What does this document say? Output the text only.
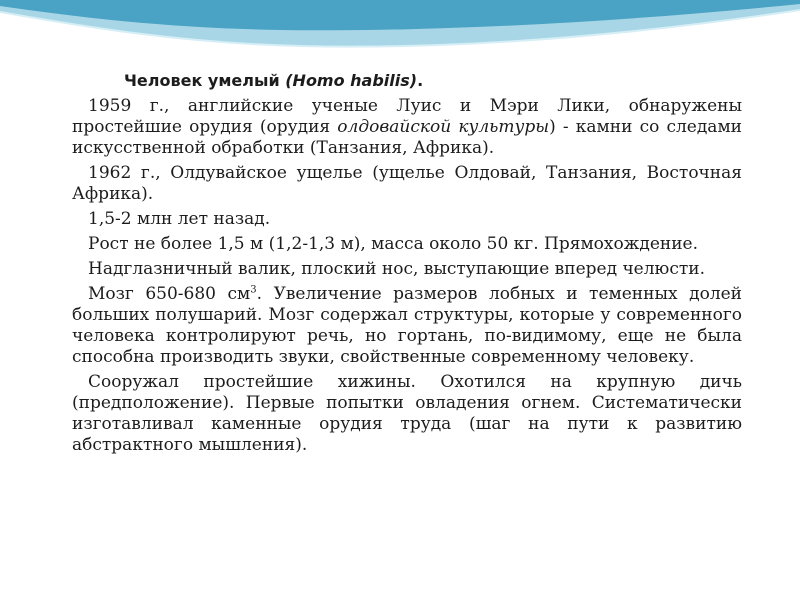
Человек умелый (Homo habilis).

1959 г., английские ученые Луис и Мэри Лики, обнаружены простейшие орудия (орудия олдовайской культуры) - камни со следами искусственной обработки (Танзания, Африка).

1962 г., Олдувайское ущелье (ущелье Олдовай, Танзания, Восточная Африка).

1,5-2 млн лет назад.

Рост не более 1,5 м (1,2-1,3 м), масса около 50 кг. Прямохождение.

Надглазничный валик, плоский нос, выступающие вперед челюсти.

Мозг 650-680 $см^3$. Увеличение размеров лобных и теменных долей больших полушарий. Мозг содержал структуры, которые у современного человека контролируют речь, но гортань, по-видимому, еще не была способна производить звуки, свойственные современному человеку.

Сооружал простейшие хижины. Охотился на крупную дичь (предположение). Первые попытки овладения огнем. Систематически изготавливал каменные орудия труда (шаг на пути к развитию абстрактного мышления).
